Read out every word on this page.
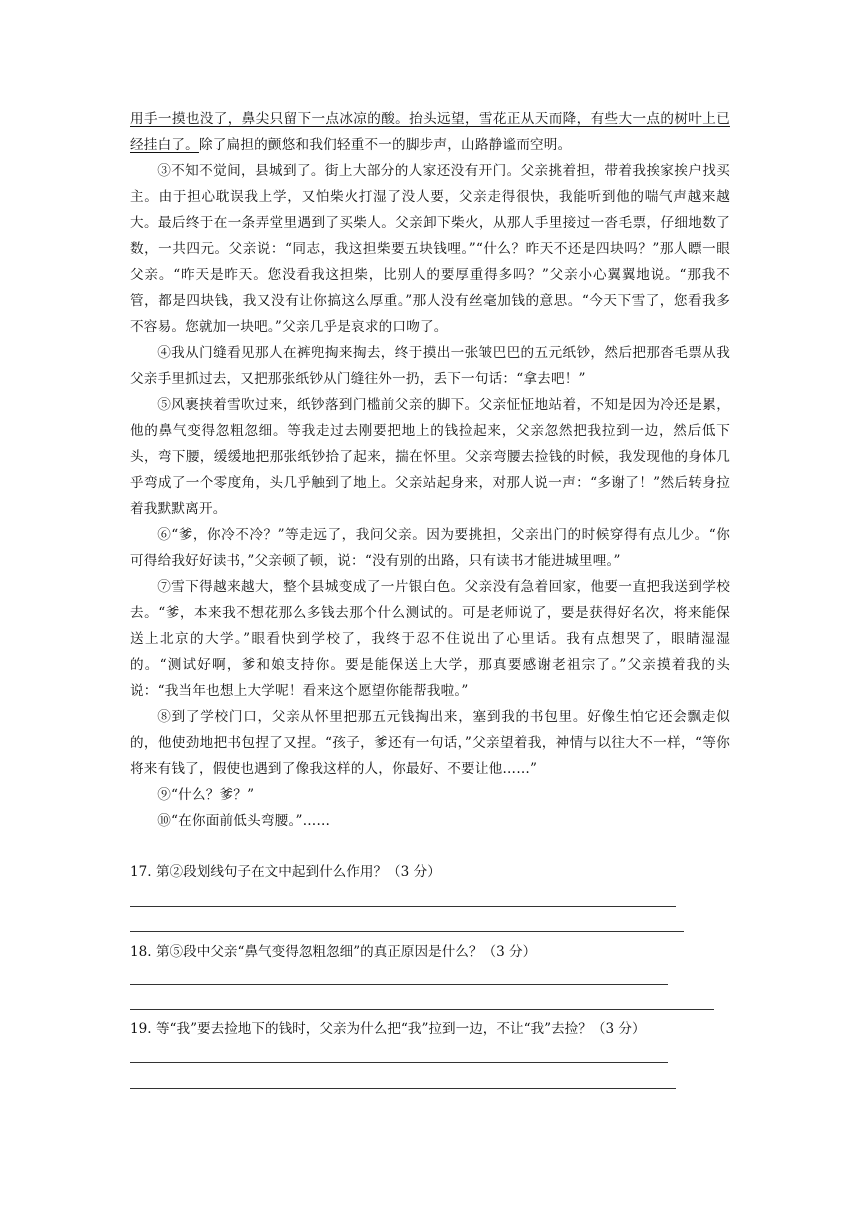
用手一摸也没了，鼻尖只留下一点冰凉的酸。抬头远望，雪花正从天而降，有些大一点的树叶上已经挂白了。除了扁担的颤悠和我们轻重不一的脚步声，山路静谧而空明。

③不知不觉间，县城到了。街上大部分的人家还没有开门。父亲挑着担，带着我挨家挨户找买主。由于担心耽误我上学，又怕柴火打湿了没人要，父亲走得很快，我能听到他的喘气声越来越大。最后终于在一条弄堂里遇到了买柴人。父亲卸下柴火，从那人手里接过一沓毛票，仔细地数了数，一共四元。父亲说：“同志，我这担柴要五块钱哩。”“什么？昨天不还是四块吗？”那人瞟一眼父亲。“昨天是昨天。您没看我这担柴，比别人的要厚重得多吗？”父亲小心翼翼地说。“那我不管，都是四块钱，我又没有让你搞这么厚重。”那人没有丝毫加钱的意思。“今天下雪了，您看我多不容易。您就加一块吧。”父亲几乎是哀求的口吻了。

④我从门缝看见那人在裤兜掏来掏去，终于摸出一张皱巴巴的五元纸钞，然后把那沓毛票从我父亲手里抓过去，又把那张纸钞从门缝往外一扔，丢下一句话：“拿去吧！”

⑤风裹挟着雪吹过来，纸钞落到门槛前父亲的脚下。父亲怔怔地站着，不知是因为冷还是累，他的鼻气变得忽粗忽细。等我走过去刚要把地上的钱捡起来，父亲忽然把我拉到一边，然后低下头，弯下腰，缓缓地把那张纸钞拾了起来，揣在怀里。父亲弯腰去捡钱的时候，我发现他的身体几乎弯成了一个零度角，头几乎触到了地上。父亲站起身来，对那人说一声：“多谢了！”然后转身拉着我默默离开。

⑥“爹，你冷不冷？”等走远了，我问父亲。因为要挑担，父亲出门的时候穿得有点儿少。“你可得给我好好读书，”父亲顿了顿，说：“没有别的出路，只有读书才能进城里哩。”

⑦雪下得越来越大，整个县城变成了一片银白色。父亲没有急着回家，他要一直把我送到学校去。“爹，本来我不想花那么多钱去那个什么测试的。可是老师说了，要是获得好名次，将来能保送上北京的大学。”眼看快到学校了，我终于忍不住说出了心里话。我有点想哭了，眼睛湿湿的。“测试好啊，爹和娘支持你。要是能保送上大学，那真要感谢老祖宗了。”父亲摸着我的头说：“我当年也想上大学呢！看来这个愿望你能帮我啦。”

⑧到了学校门口，父亲从怀里把那五元钱掏出来，塞到我的书包里。好像生怕它还会飘走似的，他使劲地把书包捏了又捏。“孩子，爹还有一句话，”父亲望着我，神情与以往大不一样，“等你将来有钱了，假使也遇到了像我这样的人，你最好、不要让他……”

⑨“什么？爹？”

⑩“在你面前低头弯腰。”……

17. 第②段划线句子在文中起到什么作用？（3 分）

18. 第⑤段中父亲“鼻气变得忽粗忽细”的真正原因是什么？（3 分）

19. 等“我”要去捡地下的钱时，父亲为什么把“我”拉到一边，不让“我”去捡？（3 分）
